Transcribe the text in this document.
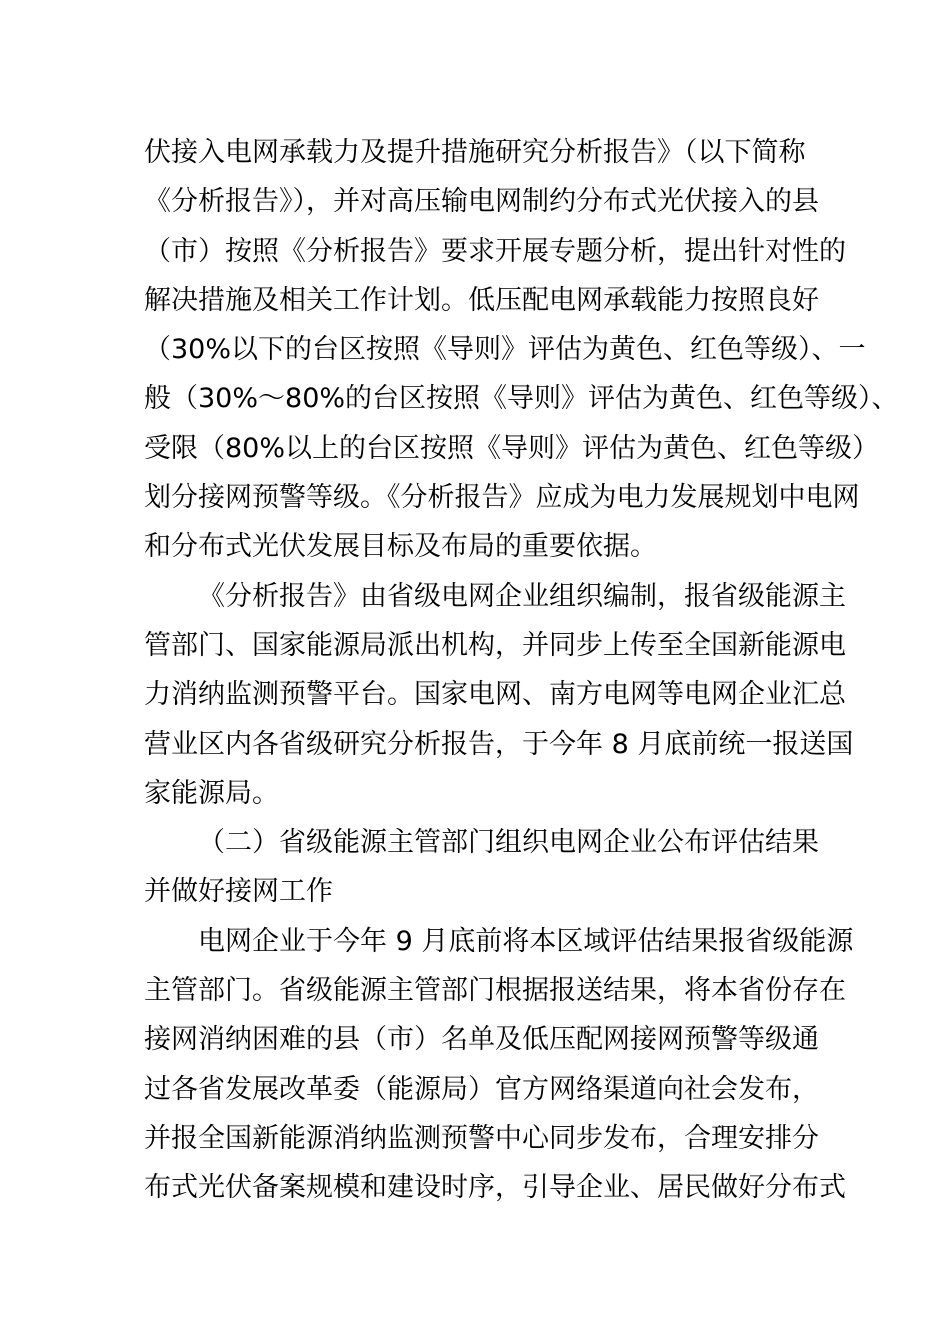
伏接入电网承载力及提升措施研究分析报告》（以下简称
《分析报告》），并对高压输电网制约分布式光伏接入的县
（市）按照《分析报告》要求开展专题分析，提出针对性的
解决措施及相关工作计划。低压配电网承载能力按照良好
（30%以下的台区按照《导则》评估为黄色、红色等级）、一
般（30%～80%的台区按照《导则》评估为黄色、红色等级）、
受限（80%以上的台区按照《导则》评估为黄色、红色等级）
划分接网预警等级。《分析报告》应成为电力发展规划中电网
和分布式光伏发展目标及布局的重要依据。
《分析报告》由省级电网企业组织编制，报省级能源主
管部门、国家能源局派出机构，并同步上传至全国新能源电
力消纳监测预警平台。国家电网、南方电网等电网企业汇总
营业区内各省级研究分析报告，于今年 8 月底前统一报送国
家能源局。
（二）省级能源主管部门组织电网企业公布评估结果
并做好接网工作
电网企业于今年 9 月底前将本区域评估结果报省级能源
主管部门。省级能源主管部门根据报送结果，将本省份存在
接网消纳困难的县（市）名单及低压配网接网预警等级通
过各省发展改革委（能源局）官方网络渠道向社会发布，
并报全国新能源消纳监测预警中心同步发布，合理安排分
布式光伏备案规模和建设时序，引导企业、居民做好分布式
